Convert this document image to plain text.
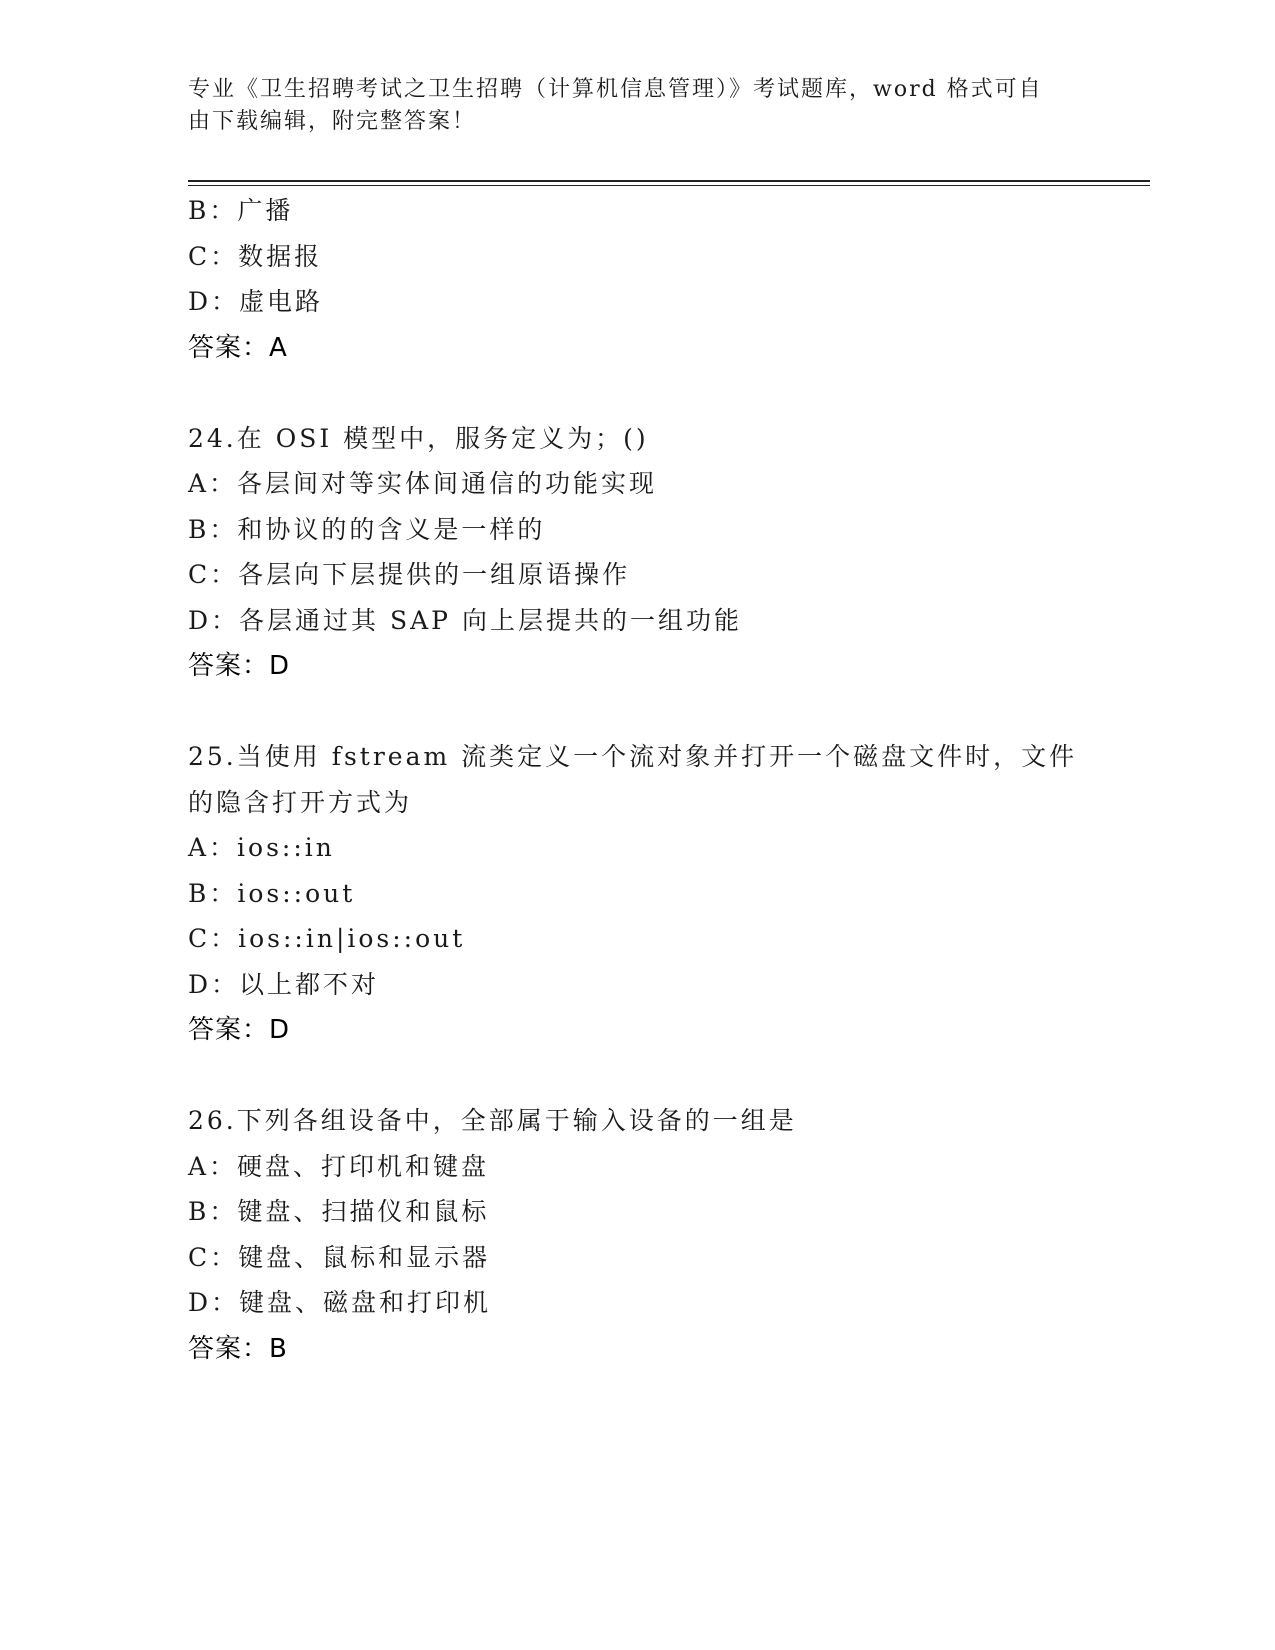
专业《卫生招聘考试之卫生招聘（计算机信息管理）》考试题库，word 格式可自
由下载编辑，附完整答案！
B：广播
C：数据报
D：虚电路
答案：A
24.在 OSI 模型中，服务定义为；()
A：各层间对等实体间通信的功能实现
B：和协议的的含义是一样的
C：各层向下层提供的一组原语操作
D：各层通过其 SAP 向上层提共的一组功能
答案：D
25.当使用 fstream 流类定义一个流对象并打开一个磁盘文件时，文件
的隐含打开方式为
A：ios::in
B：ios::out
C：ios::in|ios::out
D：以上都不对
答案：D
26.下列各组设备中，全部属于输入设备的一组是
A：硬盘、打印机和键盘
B：键盘、扫描仪和鼠标
C：键盘、鼠标和显示器
D：键盘、磁盘和打印机
答案：B
